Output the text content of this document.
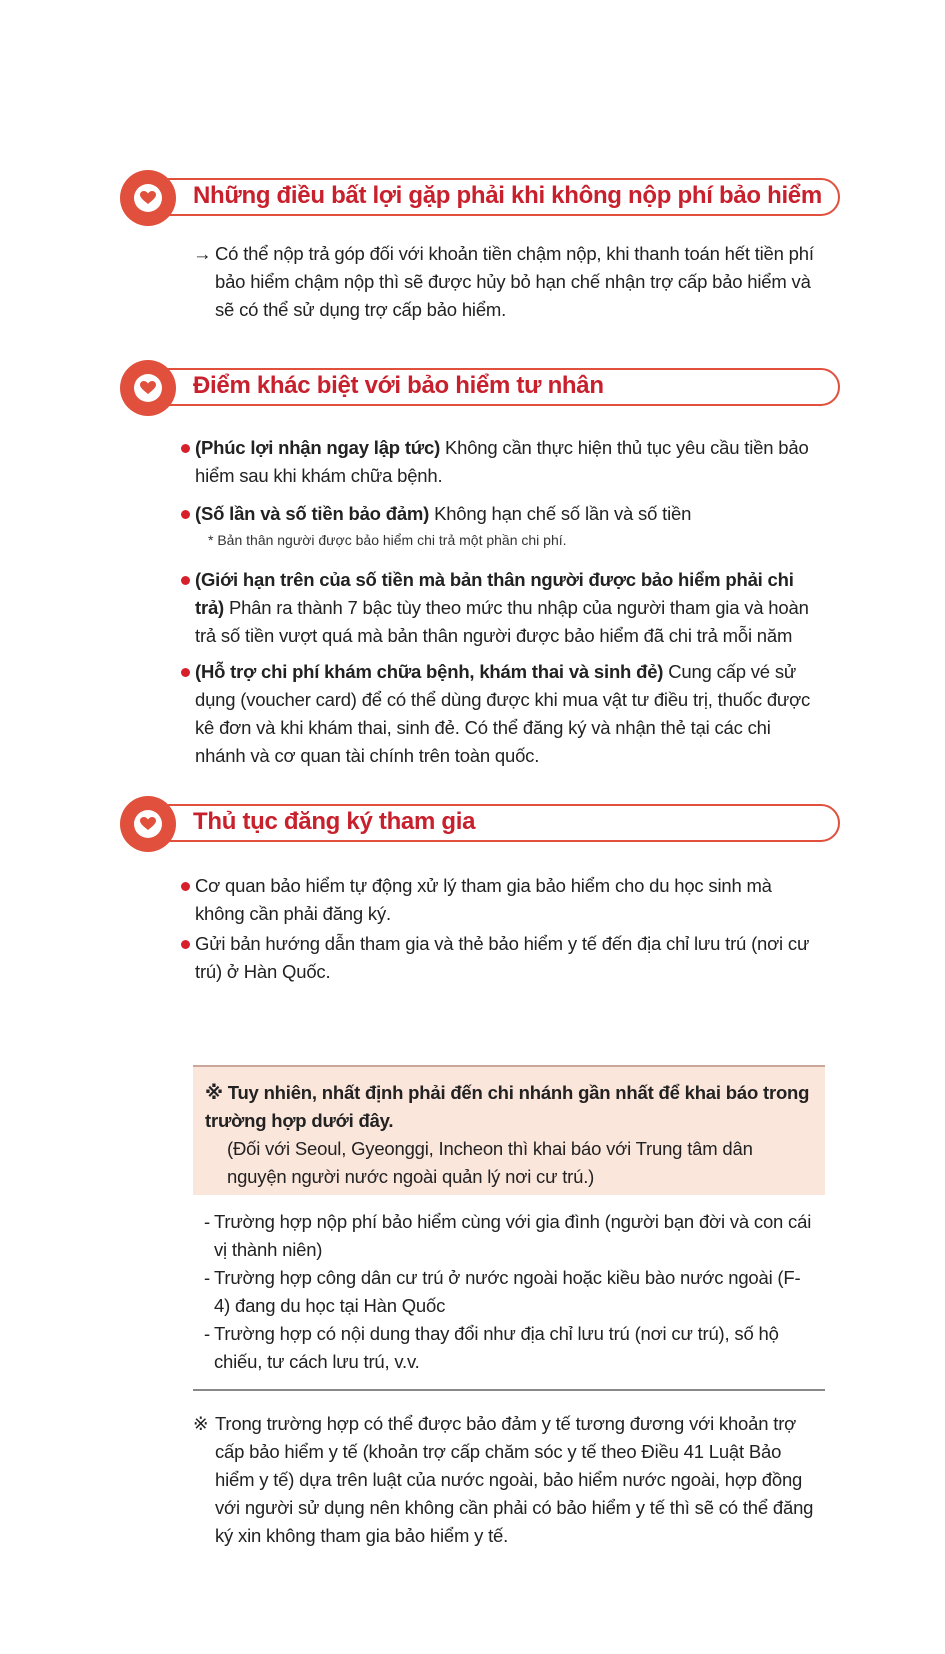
Những điều bất lợi gặp phải khi không nộp phí bảo hiểm
→ Có thể nộp trả góp đối với khoản tiền chậm nộp, khi thanh toán hết tiền phí bảo hiểm chậm nộp thì sẽ được hủy bỏ hạn chế nhận trợ cấp bảo hiểm và sẽ có thể sử dụng trợ cấp bảo hiểm.
Điểm khác biệt với bảo hiểm tư nhân
(Phúc lợi nhận ngay lập tức) Không cần thực hiện thủ tục yêu cầu tiền bảo hiểm sau khi khám chữa bệnh.
(Số lần và số tiền bảo đảm) Không hạn chế số lần và số tiền
* Bản thân người được bảo hiểm chi trả một phần chi phí.
(Giới hạn trên của số tiền mà bản thân người được bảo hiểm phải chi trả) Phân ra thành 7 bậc tùy theo mức thu nhập của người tham gia và hoàn trả số tiền vượt quá mà bản thân người được bảo hiểm đã chi trả mỗi năm
(Hỗ trợ chi phí khám chữa bệnh, khám thai và sinh đẻ) Cung cấp vé sử dụng (voucher card) để có thể dùng được khi mua vật tư điều trị, thuốc được kê đơn và khi khám thai, sinh đẻ. Có thể đăng ký và nhận thẻ tại các chi nhánh và cơ quan tài chính trên toàn quốc.
Thủ tục đăng ký tham gia
Cơ quan bảo hiểm tự động xử lý tham gia bảo hiểm cho du học sinh mà không cần phải đăng ký.
Gửi bản hướng dẫn tham gia và thẻ bảo hiểm y tế đến địa chỉ lưu trú (nơi cư trú) ở Hàn Quốc.
※ Tuy nhiên, nhất định phải đến chi nhánh gần nhất để khai báo trong trường hợp dưới đây.
(Đối với Seoul, Gyeonggi, Incheon thì khai báo với Trung tâm dân nguyện người nước ngoài quản lý nơi cư trú.)
- Trường hợp nộp phí bảo hiểm cùng với gia đình (người bạn đời và con cái vị thành niên)
- Trường hợp công dân cư trú ở nước ngoài hoặc kiều bào nước ngoài (F-4) đang du học tại Hàn Quốc
- Trường hợp có nội dung thay đổi như địa chỉ lưu trú (nơi cư trú), số hộ chiếu, tư cách lưu trú, v.v.
※ Trong trường hợp có thể được bảo đảm y tế tương đương với khoản trợ cấp bảo hiểm y tế (khoản trợ cấp chăm sóc y tế theo Điều 41 Luật Bảo hiểm y tế) dựa trên luật của nước ngoài, bảo hiểm nước ngoài, hợp đồng với người sử dụng nên không cần phải có bảo hiểm y tế thì sẽ có thể đăng ký xin không tham gia bảo hiểm y tế.
